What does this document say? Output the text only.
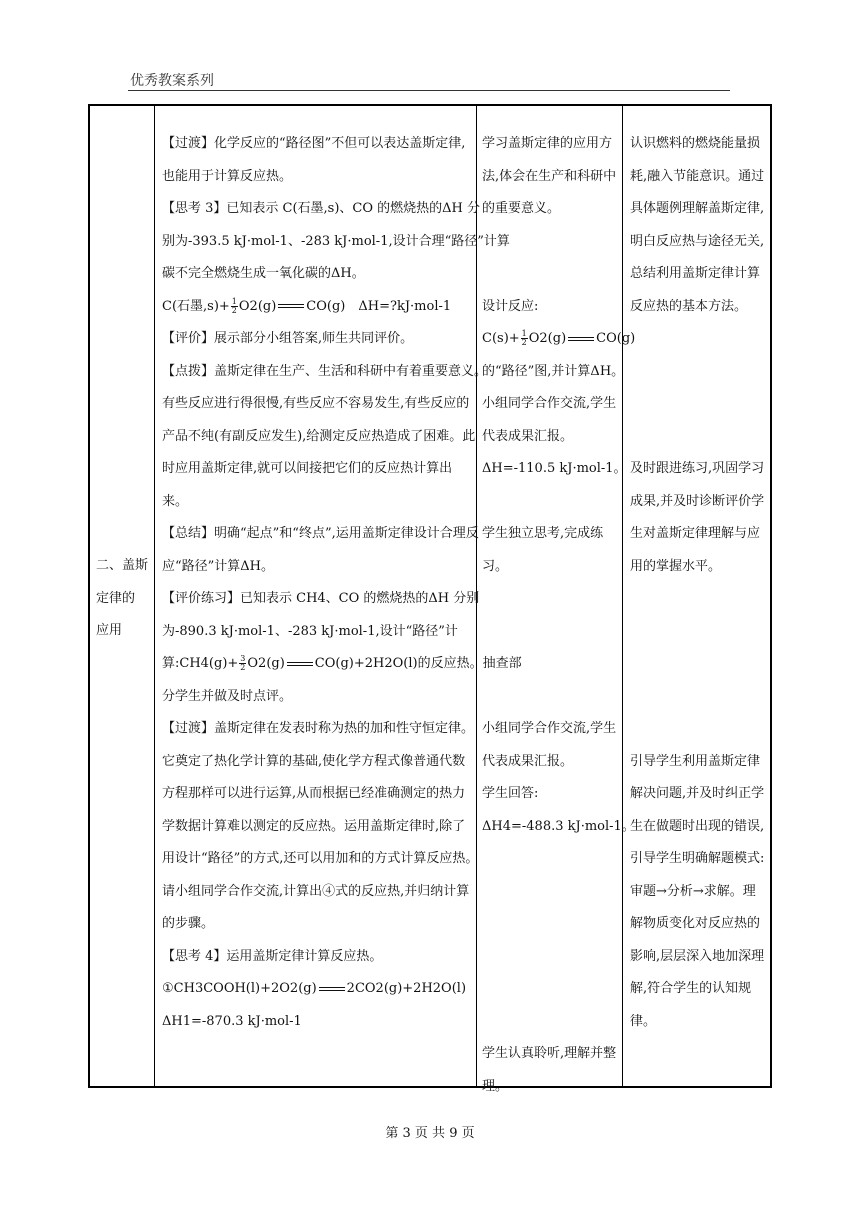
优秀教案系列
二、盖斯
定律的
应用
【过渡】化学反应的“路径图”不但可以表达盖斯定律,
也能用于计算反应热。
【思考 3】已知表示 C(石墨,s)、CO 的燃烧热的ΔH 分
别为-393.5 kJ·mol-1、-283 kJ·mol-1,设计合理“路径”计算
碳不完全燃烧生成一氧化碳的ΔH。
C(石墨$,s)+ \frac{1}{2} O2(g)$ CO(g)　ΔH=?kJ·mol-1
【评价】展示部分小组答案,师生共同评价。
【点拨】盖斯定律在生产、生活和科研中有着重要意义。
有些反应进行得很慢,有些反应不容易发生,有些反应的
产品不纯(有副反应发生),给测定反应热造成了困难。此
时应用盖斯定律,就可以间接把它们的反应热计算出
来。
【总结】明确“起点”和“终点”,运用盖斯定律设计合理反
应“路径”计算ΔH。
【评价练习】已知表示 CH4、CO 的燃烧热的ΔH 分别
为-890.3 kJ·mol-1、-283 kJ·mol-1,设计“路径”计
算:CH4(g)+ $\frac{3}{2} O2(g)$ CO(g)+2H2O(l)的反应热。抽查部
分学生并做及时点评。
【过渡】盖斯定律在发表时称为热的加和性守恒定律。
它奠定了热化学计算的基础,使化学方程式像普通代数
方程那样可以进行运算,从而根据已经准确测定的热力
学数据计算难以测定的反应热。运用盖斯定律时,除了
用设计“路径”的方式,还可以用加和的方式计算反应热。
请小组同学合作交流,计算出④式的反应热,并归纳计算
的步骤。
【思考 4】运用盖斯定律计算反应热。
①CH3COOH(l)+2O2(g) 2CO2(g)+2H2O(l)
ΔH1=-870.3 kJ·mol-1
学习盖斯定律的应用方
法,体会在生产和科研中
的重要意义。
设计反应:
$C(s)+ \frac{1}{2} O2(g)$ CO(g)
的“路径”图,并计算ΔH。
小组同学合作交流,学生
代表成果汇报。
ΔH=-110.5 kJ·mol-1。
学生独立思考,完成练
习。
小组同学合作交流,学生
代表成果汇报。
学生回答:
ΔH4=-488.3 kJ·mol-1。
学生认真聆听,理解并整
理。
认识燃料的燃烧能量损
耗,融入节能意识。通过
具体题例理解盖斯定律,
明白反应热与途径无关,
总结利用盖斯定律计算
反应热的基本方法。
及时跟进练习,巩固学习
成果,并及时诊断评价学
生对盖斯定律理解与应
用的掌握水平。
引导学生利用盖斯定律
解决问题,并及时纠正学
生在做题时出现的错误,
引导学生明确解题模式:
审题→分析→求解。理
解物质变化对反应热的
影响,层层深入地加深理
解,符合学生的认知规
律。
第 3 页 共 9 页
